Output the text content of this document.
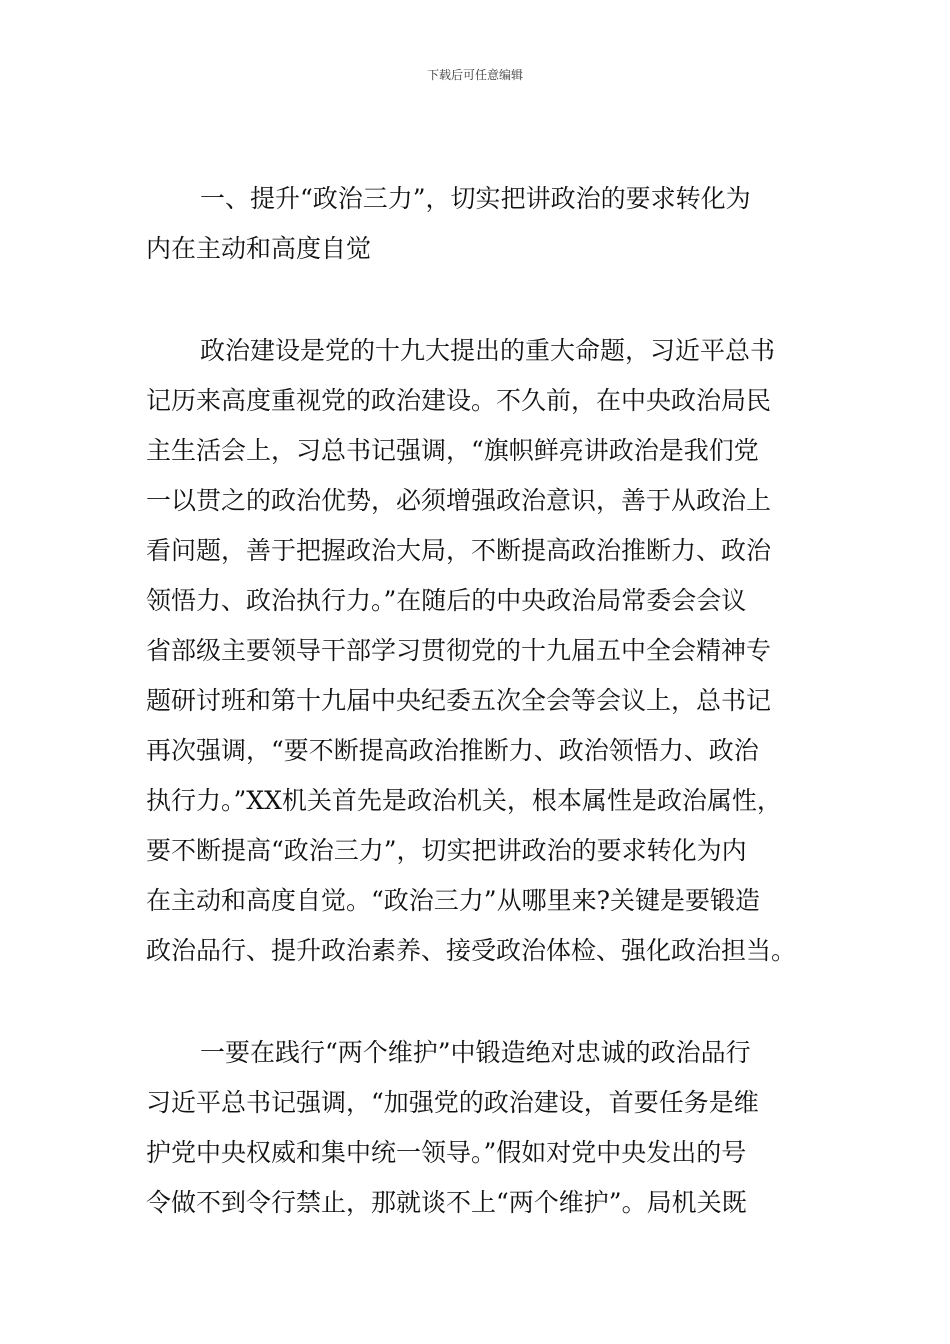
下载后可任意编辑
一、提升“政治三力”，切实把讲政治的要求转化为
内在主动和高度自觉
政治建设是党的十九大提出的重大命题，习近平总书
记历来高度重视党的政治建设。不久前，在中央政治局民
主生活会上，习总书记强调，“旗帜鲜亮讲政治是我们党
一以贯之的政治优势，必须增强政治意识，善于从政治上
看问题，善于把握政治大局，不断提高政治推断力、政治
领悟力、政治执行力。”在随后的中央政治局常委会会议
省部级主要领导干部学习贯彻党的十九届五中全会精神专
题研讨班和第十九届中央纪委五次全会等会议上，总书记
再次强调，“要不断提高政治推断力、政治领悟力、政治
执行力。”XX机关首先是政治机关，根本属性是政治属性，
要不断提高“政治三力”，切实把讲政治的要求转化为内
在主动和高度自觉。“政治三力”从哪里来?关键是要锻造
政治品行、提升政治素养、接受政治体检、强化政治担当。
一要在践行“两个维护”中锻造绝对忠诚的政治品行
习近平总书记强调，“加强党的政治建设，首要任务是维
护党中央权威和集中统一领导。”假如对党中央发出的号
令做不到令行禁止，那就谈不上“两个维护”。局机关既
